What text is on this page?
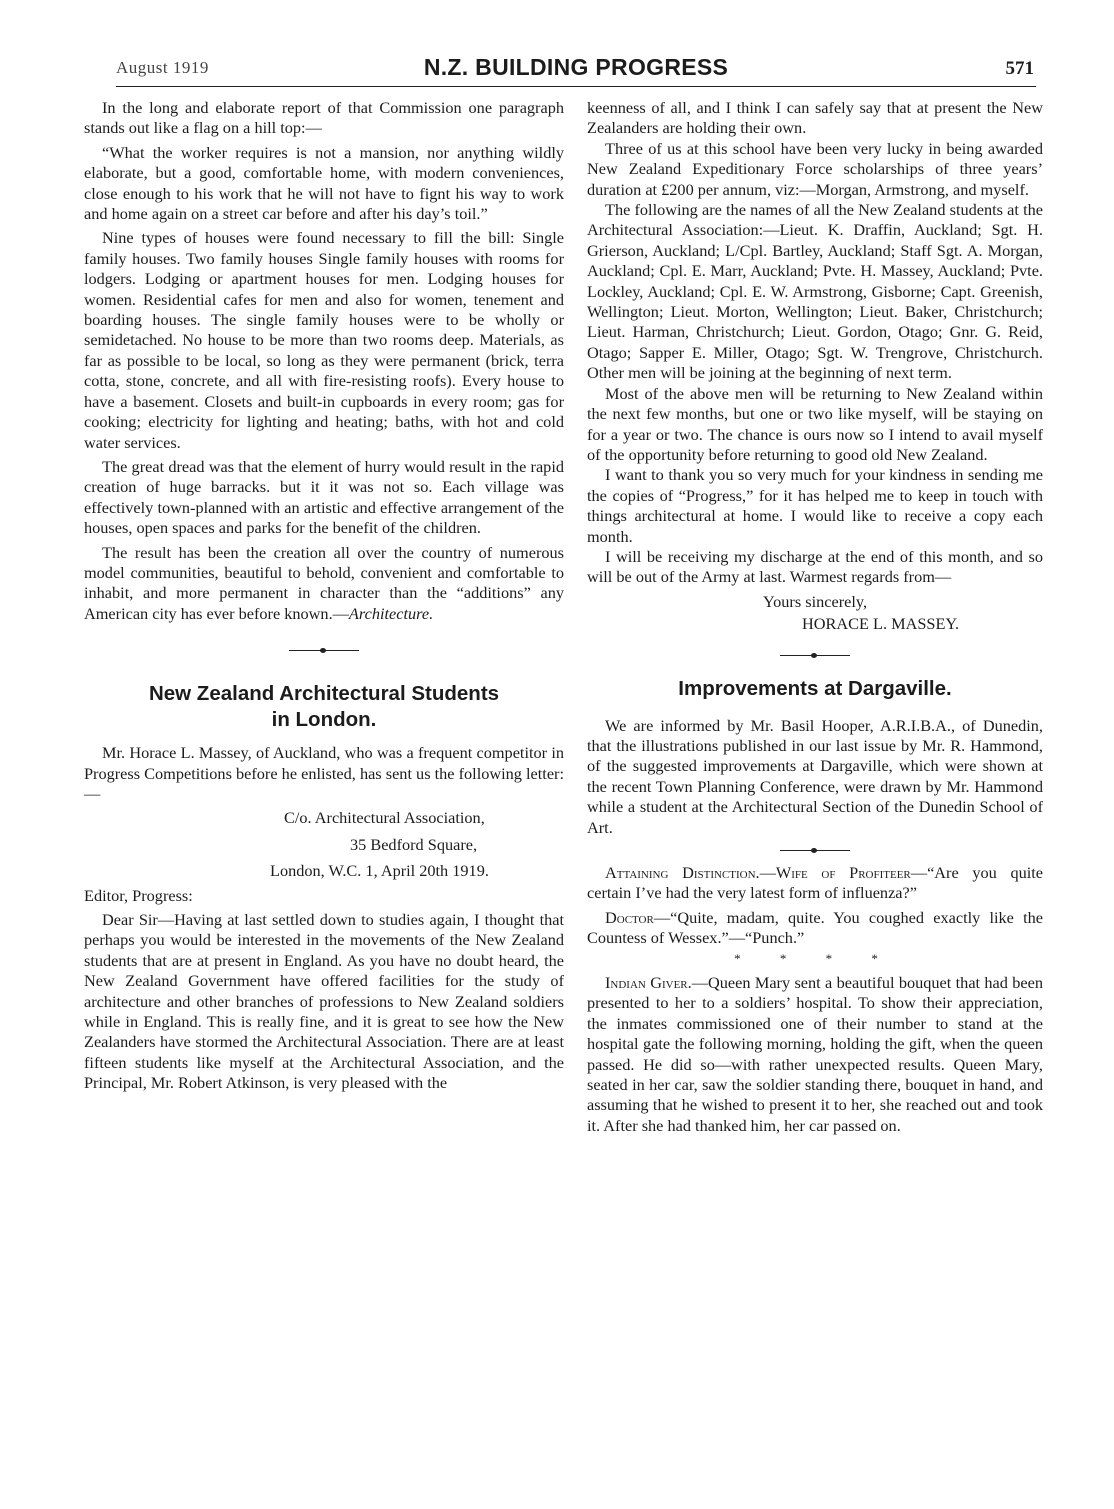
August 1919	N.Z. BUILDING PROGRESS	571

In the long and elaborate report of that Commission one paragraph stands out like a flag on a hill top:—

“What the worker requires is not a mansion, nor anything wildly elaborate, but a good, comfortable home, with modern conveniences, close enough to his work that he will not have to fignt his way to work and home again on a street car before and after his day’s toil.”

Nine types of houses were found necessary to fill the bill: Single family houses. Two family houses Single family houses with rooms for lodgers. Lodging or apartment houses for men. Lodging houses for women. Residential cafes for men and also for women, tenement and boarding houses. The single family houses were to be wholly or semidetached. No house to be more than two rooms deep. Materials, as far as possible to be local, so long as they were permanent (brick, terra cotta, stone, concrete, and all with fire-resisting roofs). Every house to have a basement. Closets and built-in cupboards in every room; gas for cooking; electricity for lighting and heating; baths, with hot and cold water services.

The great dread was that the element of hurry would result in the rapid creation of huge barracks. but it it was not so. Each village was effectively town-planned with an artistic and effective arrangement of the houses, open spaces and parks for the benefit of the children.

The result has been the creation all over the country of numerous model communities, beautiful to behold, convenient and comfortable to inhabit, and more permanent in character than the “additions” any American city has ever before known.—Architecture.

New Zealand Architectural Students
in London.

Mr. Horace L. Massey, of Auckland, who was a frequent competitor in Progress Competitions before he enlisted, has sent us the following letter:—

C/o. Architectural Association,
35 Bedford Square,
London, W.C. 1, April 20th 1919.

Editor, Progress:

Dear Sir—Having at last settled down to studies again, I thought that perhaps you would be interested in the movements of the New Zealand students that are at present in England. As you have no doubt heard, the New Zealand Government have offered facilities for the study of architecture and other branches of professions to New Zealand soldiers while in England. This is really fine, and it is great to see how the New Zealanders have stormed the Architectural Association. There are at least fifteen students like myself at the Architectural Association, and the Principal, Mr. Robert Atkinson, is very pleased with the

keenness of all, and I think I can safely say that at present the New Zealanders are holding their own.

Three of us at this school have been very lucky in being awarded New Zealand Expeditionary Force scholarships of three years’ duration at £200 per annum, viz:—Morgan, Armstrong, and myself.

The following are the names of all the New Zealand students at the Architectural Association:—Lieut. K. Draffin, Auckland; Sgt. H. Grierson, Auckland; L/Cpl. Bartley, Auckland; Staff Sgt. A. Morgan, Auckland; Cpl. E. Marr, Auckland; Pvte. H. Massey, Auckland; Pvte. Lockley, Auckland; Cpl. E. W. Armstrong, Gisborne; Capt. Greenish, Wellington; Lieut. Morton, Wellington; Lieut. Baker, Christchurch; Lieut. Harman, Christchurch; Lieut. Gordon, Otago; Gnr. G. Reid, Otago; Sapper E. Miller, Otago; Sgt. W. Trengrove, Christchurch. Other men will be joining at the beginning of next term.

Most of the above men will be returning to New Zealand within the next few months, but one or two like myself, will be staying on for a year or two. The chance is ours now so I intend to avail myself of the opportunity before returning to good old New Zealand.

I want to thank you so very much for your kindness in sending me the copies of “Progress,” for it has helped me to keep in touch with things architectural at home. I would like to receive a copy each month.

I will be receiving my discharge at the end of this month, and so will be out of the Army at last. Warmest regards from—

Yours sincerely,
HORACE L. MASSEY.
Improvements at Dargaville.

We are informed by Mr. Basil Hooper, A.R.I.B.A., of Dunedin, that the illustrations published in our last issue by Mr. R. Hammond, of the suggested improvements at Dargaville, which were shown at the recent Town Planning Conference, were drawn by Mr. Hammond while a student at the Architectural Section of the Dunedin School of Art.

Attaining Distinction.—Wife of Profiteer—“Are you quite certain I’ve had the very latest form of influenza?”

Doctor—“Quite, madam, quite. You coughed exactly like the Countess of Wessex.”—“Punch.”

* * * *

Indian Giver.—Queen Mary sent a beautiful bouquet that had been presented to her to a soldiers’ hospital. To show their appreciation, the inmates commissioned one of their number to stand at the hospital gate the following morning, holding the gift, when the queen passed. He did so—with rather unexpected results. Queen Mary, seated in her car, saw the soldier standing there, bouquet in hand, and assuming that he wished to present it to her, she reached out and took it. After she had thanked him, her car passed on.
